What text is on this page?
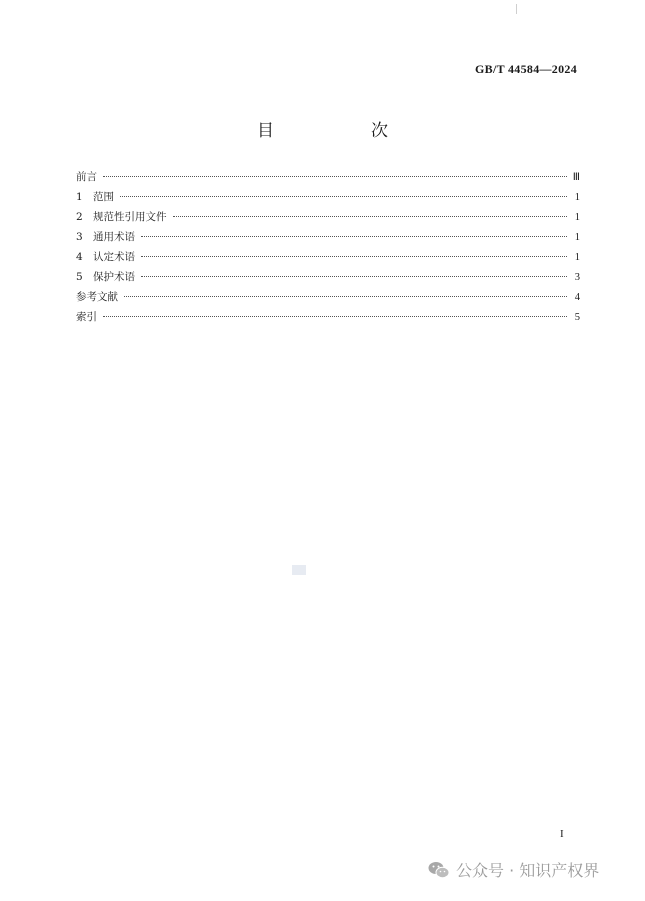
GB/T 44584—2024
目　次
前言	Ⅲ
1 范围	1
2 规范性引用文件	1
3 通用术语	1
4 认定术语	1
5 保护术语	3
参考文献	4
索引	5
I
公众号 · 知识产权界
